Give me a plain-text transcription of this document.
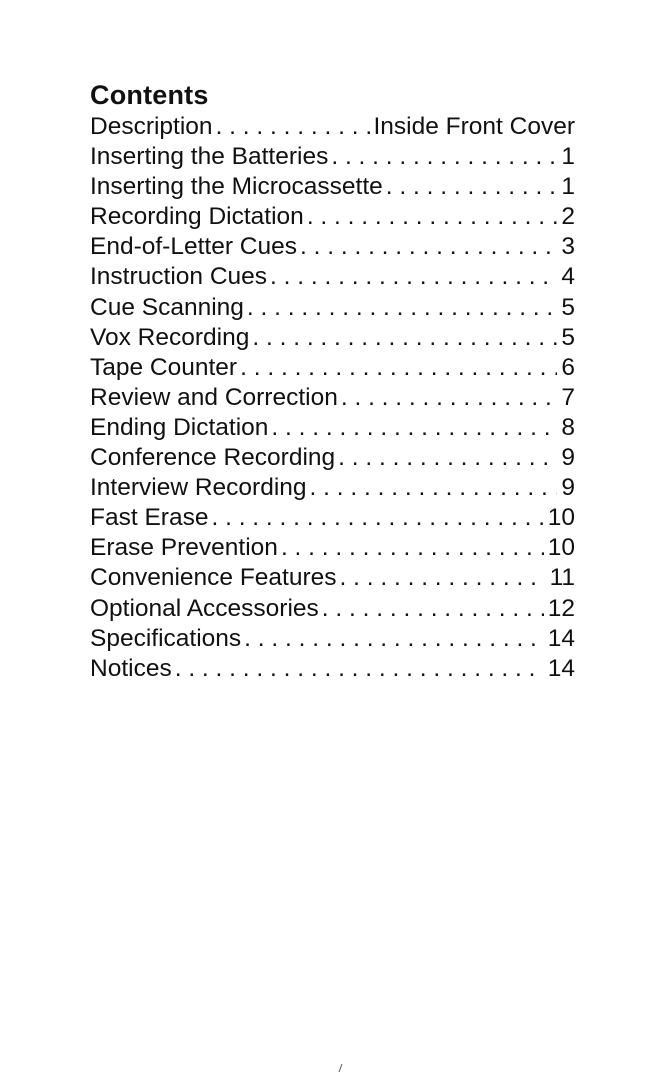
Contents
Description . . .	Inside Front Cover
Inserting the Batteries . . .	1
Inserting the Microcassette . . .	1
Recording Dictation . . .	2
End-of-Letter Cues . . .	3
Instruction Cues . . .	4
Cue Scanning . . .	5
Vox Recording . . .	5
Tape Counter . . .	6
Review and Correction . . .	7
Ending Dictation . . .	8
Conference Recording . . .	9
Interview Recording . . .	9
Fast Erase . . .	10
Erase Prevention . . .	10
Convenience Features . . .	11
Optional Accessories . . .	12
Specifications . . .	14
Notices . . .	14
